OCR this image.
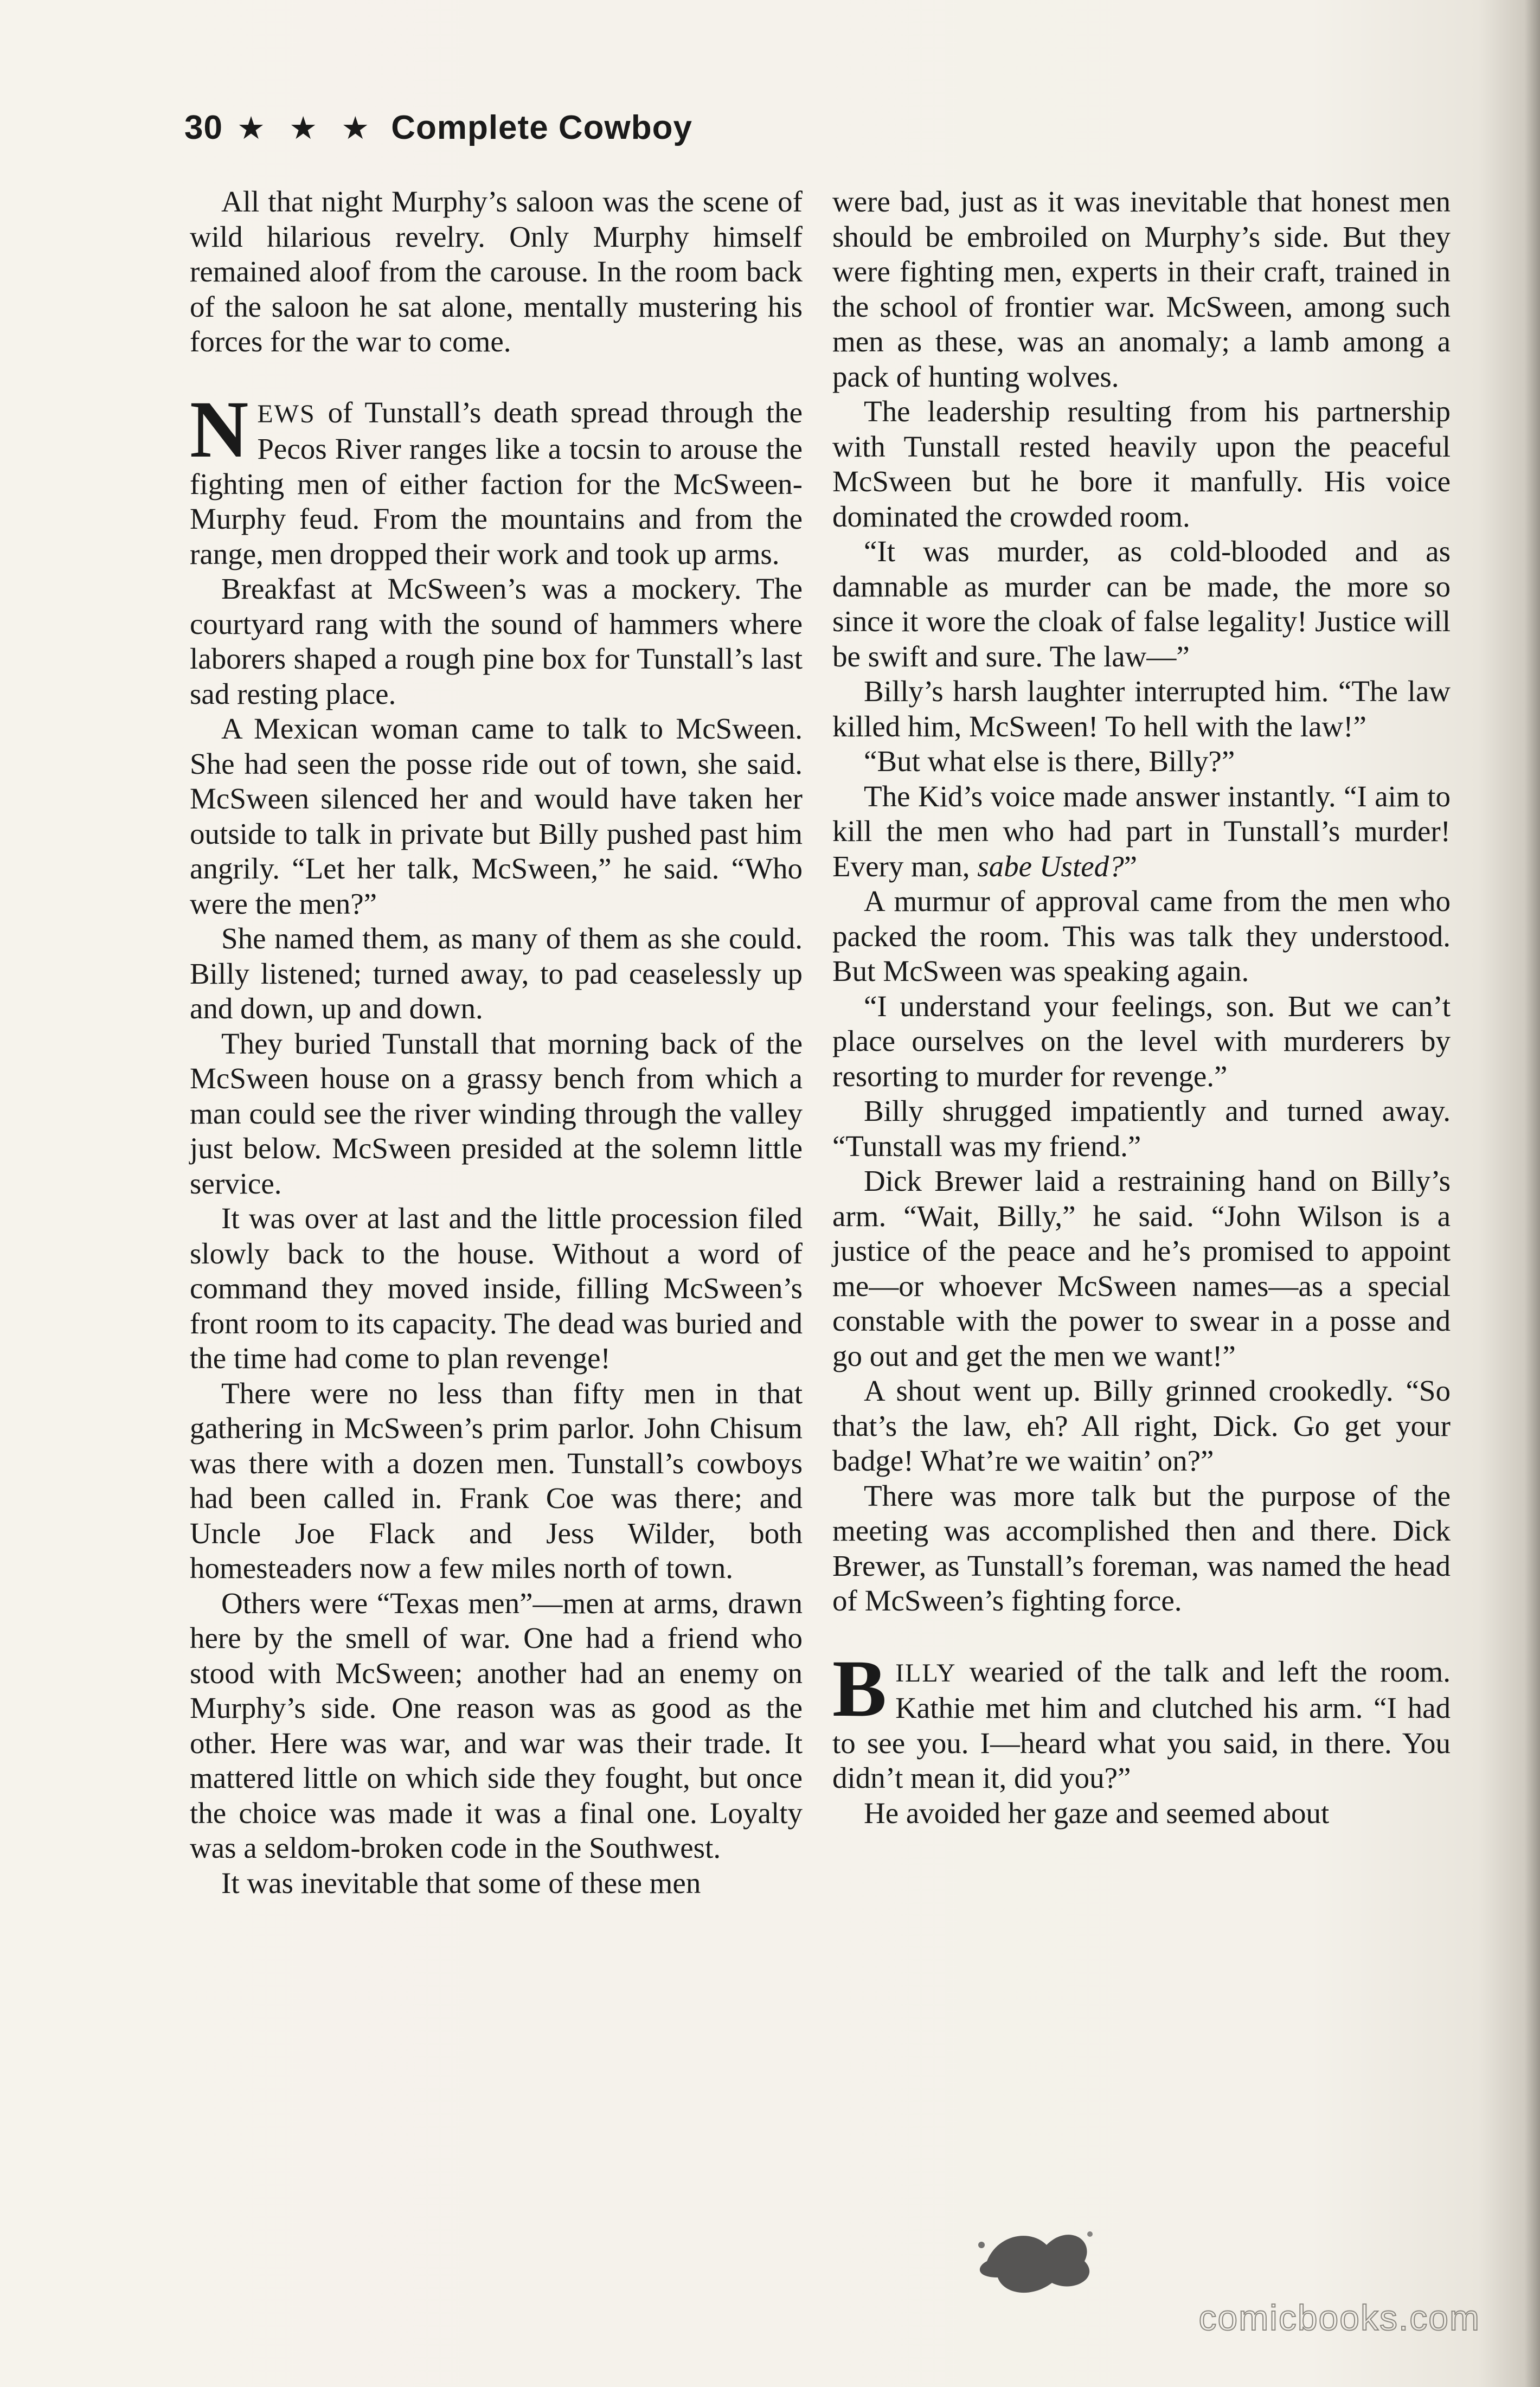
30 ★ ★ ★ Complete Cowboy

All that night Murphy’s saloon was the scene of wild hilarious revelry. Only Murphy himself remained aloof from the carouse. In the room back of the saloon he sat alone, mentally mustering his forces for the war to come.

NEWS of Tunstall’s death spread through the Pecos River ranges like a tocsin to arouse the fighting men of either faction for the McSween-Murphy feud. From the mountains and from the range, men dropped their work and took up arms.

Breakfast at McSween’s was a mockery. The courtyard rang with the sound of hammers where laborers shaped a rough pine box for Tunstall’s last sad resting place.

A Mexican woman came to talk to McSween. She had seen the posse ride out of town, she said. McSween silenced her and would have taken her outside to talk in private but Billy pushed past him angrily. “Let her talk, McSween,” he said. “Who were the men?”

She named them, as many of them as she could. Billy listened; turned away, to pad ceaselessly up and down, up and down.

They buried Tunstall that morning back of the McSween house on a grassy bench from which a man could see the river winding through the valley just below. McSween presided at the solemn little service.

It was over at last and the little procession filed slowly back to the house. Without a word of command they moved inside, filling McSween’s front room to its capacity. The dead was buried and the time had come to plan revenge!

There were no less than fifty men in that gathering in McSween’s prim parlor. John Chisum was there with a dozen men. Tunstall’s cowboys had been called in. Frank Coe was there; and Uncle Joe Flack and Jess Wilder, both homesteaders now a few miles north of town.

Others were “Texas men”—men at arms, drawn here by the smell of war. One had a friend who stood with McSween; another had an enemy on Murphy’s side. One reason was as good as the other. Here was war, and war was their trade. It mattered little on which side they fought, but once the choice was made it was a final one. Loyalty was a seldom-broken code in the Southwest.

It was inevitable that some of these men

were bad, just as it was inevitable that honest men should be embroiled on Murphy’s side. But they were fighting men, experts in their craft, trained in the school of frontier war. McSween, among such men as these, was an anomaly; a lamb among a pack of hunting wolves.

The leadership resulting from his partnership with Tunstall rested heavily upon the peaceful McSween but he bore it manfully. His voice dominated the crowded room.

“It was murder, as cold-blooded and as damnable as murder can be made, the more so since it wore the cloak of false legality! Justice will be swift and sure. The law—”

Billy’s harsh laughter interrupted him. “The law killed him, McSween! To hell with the law!”

“But what else is there, Billy?”

The Kid’s voice made answer instantly. “I aim to kill the men who had part in Tunstall’s murder! Every man, sabe Usted?”

A murmur of approval came from the men who packed the room. This was talk they understood. But McSween was speaking again.

“I understand your feelings, son. But we can’t place ourselves on the level with murderers by resorting to murder for revenge.”

Billy shrugged impatiently and turned away. “Tunstall was my friend.”

Dick Brewer laid a restraining hand on Billy’s arm. “Wait, Billy,” he said. “John Wilson is a justice of the peace and he’s promised to appoint me—or whoever McSween names—as a special constable with the power to swear in a posse and go out and get the men we want!”

A shout went up. Billy grinned crookedly. “So that’s the law, eh? All right, Dick. Go get your badge! What’re we waitin’ on?”

There was more talk but the purpose of the meeting was accomplished then and there. Dick Brewer, as Tunstall’s foreman, was named the head of McSween’s fighting force.

BILLY wearied of the talk and left the room. Kathie met him and clutched his arm. “I had to see you. I—heard what you said, in there. You didn’t mean it, did you?”

He avoided her gaze and seemed about

comicbooks.com
